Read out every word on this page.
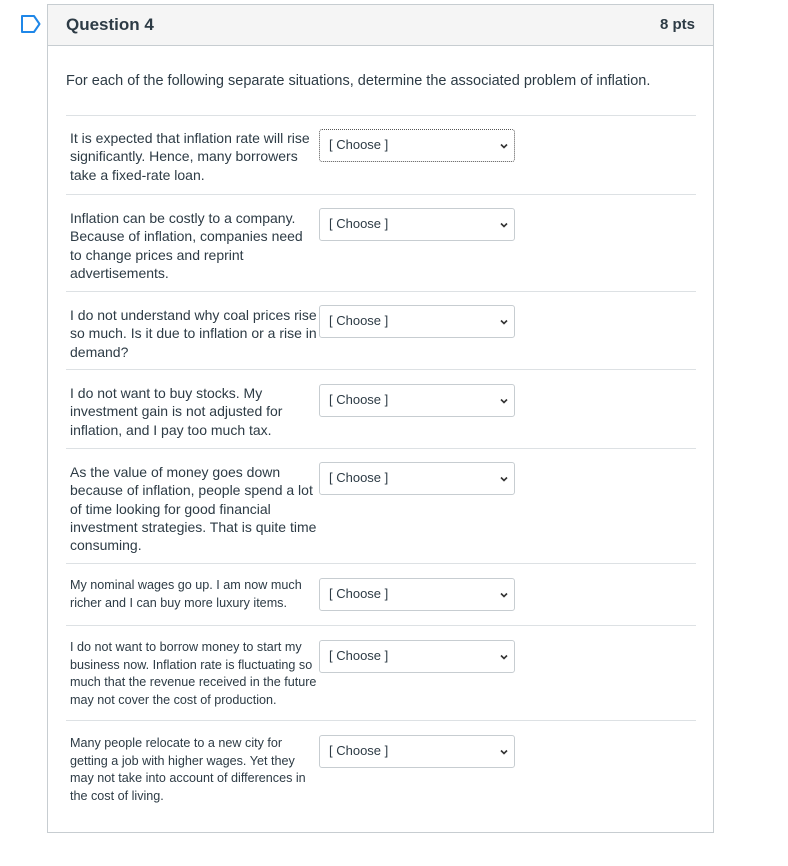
Question 4	8 pts
For each of the following separate situations, determine the associated problem of inflation.
It is expected that inflation rate will rise significantly. Hence, many borrowers take a fixed-rate loan.
[ Choose ]
Inflation can be costly to a company. Because of inflation, companies need to change prices and reprint advertisements.
[ Choose ]
I do not understand why coal prices rise so much. Is it due to inflation or a rise in demand?
[ Choose ]
I do not want to buy stocks. My investment gain is not adjusted for inflation, and I pay too much tax.
[ Choose ]
As the value of money goes down because of inflation, people spend a lot of time looking for good financial investment strategies. That is quite time consuming.
[ Choose ]
My nominal wages go up. I am now much richer and I can buy more luxury items.
[ Choose ]
I do not want to borrow money to start my business now. Inflation rate is fluctuating so much that the revenue received in the future may not cover the cost of production.
[ Choose ]
Many people relocate to a new city for getting a job with higher wages. Yet they may not take into account of differences in the cost of living.
[ Choose ]
